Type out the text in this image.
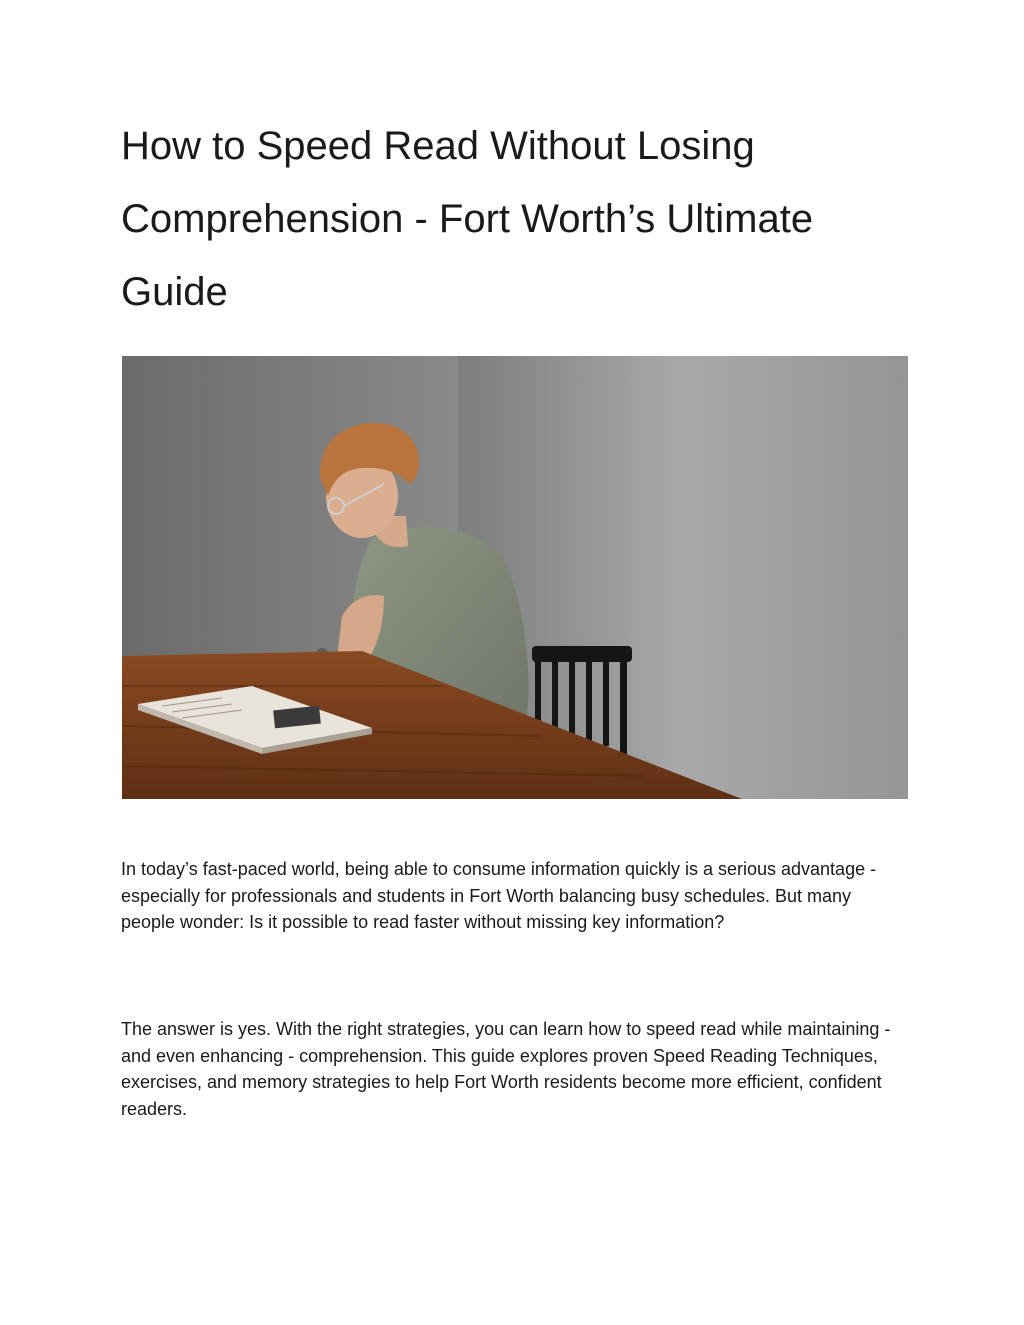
How to Speed Read Without Losing Comprehension - Fort Worth’s Ultimate Guide

In today’s fast-paced world, being able to consume information quickly is a serious advantage - especially for professionals and students in Fort Worth balancing busy schedules. But many people wonder: Is it possible to read faster without missing key information?

The answer is yes. With the right strategies, you can learn how to speed read while maintaining - and even enhancing - comprehension. This guide explores proven Speed Reading Techniques, exercises, and memory strategies to help Fort Worth residents become more efficient, confident readers.
